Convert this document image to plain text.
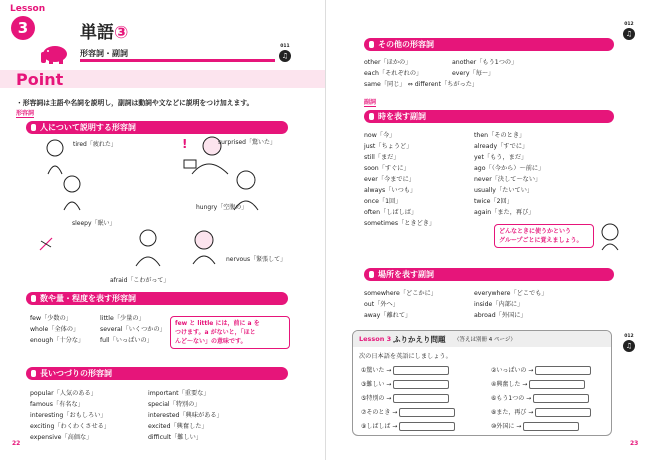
Lesson
3	単語③
形容詞・副詞
011
♫
Point
・形容詞は主語や名詞を説明し，副詞は動詞や文などに説明をつけ加えます。
形容詞
人について説明する形容詞
!
tired「疲れた」	surprised「驚いた」
hungry「空腹の」
sleepy「眠い」
nervous「緊張して」
afraid「こわがって」
数や量・程度を表す形容詞
few「少数の」	little「少量の」
whole「全体の」	several「いくつかの」
enough「十分な」	full「いっぱいの」
few と little には，前に a を
つけます。a がないと，「ほと
んど〜ない」の意味です。
長いつづりの形容詞
popular「人気のある」	important「重要な」
famous「有名な」	special「特別の」
interesting「おもしろい」	interested「興味がある」
exciting「わくわくさせる」	excited「興奮した」
expensive「高価な」	difficult「難しい」
22
その他の形容詞
012
♫
other「ほかの」	another「もう1つの」
each「それぞれの」	every「毎〜」
same「同じ」 ⇔ different「ちがった」
副詞
時を表す副詞
now「今」	then「そのとき」
just「ちょうど」	already「すでに」
still「まだ」	yet「もう，まだ」
soon「すぐに」	ago「（今から）〜前に」
ever「今までに」	never「決して〜ない」
always「いつも」	usually「たいてい」
once「1回」	twice「2回」
often「しばしば」	again「また，再び」
sometimes「ときどき」
どんなときに使うかという
グループごとに覚えましょう。
場所を表す副詞
somewhere「どこかに」	everywhere「どこでも」
out「外へ」	inside「内部に」
away「離れて」	abroad「外国に」
Lesson 3 ふりかえり問題 （答えは別冊 4 ページ）
次の日本語を英語にしましょう。
①驚いた →	②いっぱいの →
③難しい →	④興奮した →
⑤特別の →	⑥もう1つの →
⑦そのとき →	⑧また，再び →
⑨しばしば →	⑩外国に →
012
♫
23
